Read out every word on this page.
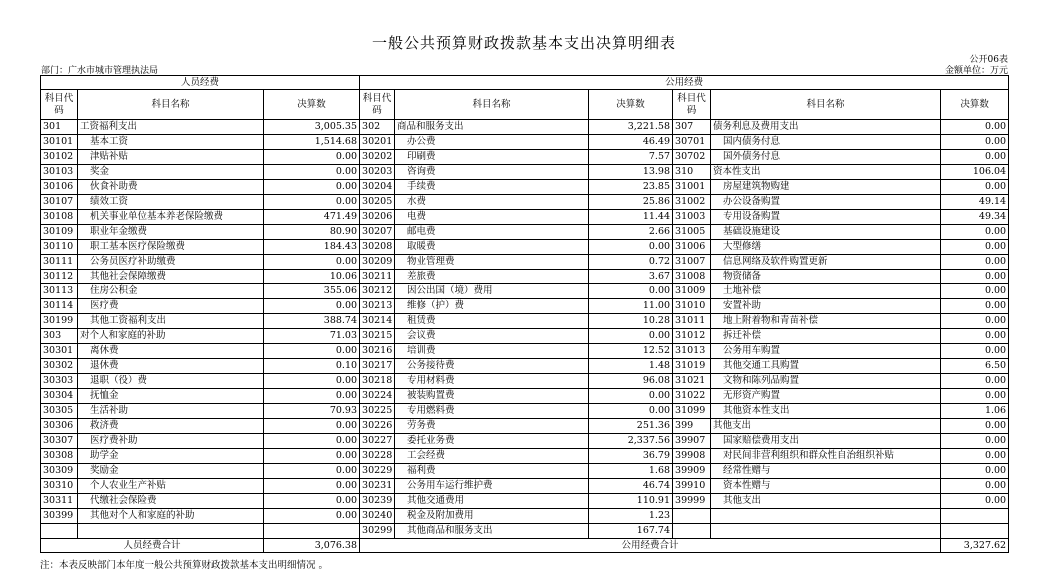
一般公共预算财政拨款基本支出决算明细表
公开06表
部门：广水市城市管理执法局	金额单位：万元
人员经费			公用经费					
科目代码	科目名称	决算数	科目代码	科目名称	决算数	科目代码	科目名称	决算数
301	工资福利支出	3,005.35	302	商品和服务支出	3,221.58	307	债务利息及费用支出	0.00
30101	基本工资	1,514.68	30201	办公费	46.49	30701	国内债务付息	0.00
30102	津贴补贴	0.00	30202	印刷费	7.57	30702	国外债务付息	0.00
30103	奖金	0.00	30203	咨询费	13.98	310	资本性支出	106.04
30106	伙食补助费	0.00	30204	手续费	23.85	31001	房屋建筑物购建	0.00
30107	绩效工资	0.00	30205	水费	25.86	31002	办公设备购置	49.14
30108	机关事业单位基本养老保险缴费	471.49	30206	电费	11.44	31003	专用设备购置	49.34
30109	职业年金缴费	80.90	30207	邮电费	2.66	31005	基础设施建设	0.00
30110	职工基本医疗保险缴费	184.43	30208	取暖费	0.00	31006	大型修缮	0.00
30111	公务员医疗补助缴费	0.00	30209	物业管理费	0.72	31007	信息网络及软件购置更新	0.00
30112	其他社会保障缴费	10.06	30211	差旅费	3.67	31008	物资储备	0.00
30113	住房公积金	355.06	30212	因公出国（境）费用	0.00	31009	土地补偿	0.00
30114	医疗费	0.00	30213	维修（护）费	11.00	31010	安置补助	0.00
30199	其他工资福利支出	388.74	30214	租赁费	10.28	31011	地上附着物和青苗补偿	0.00
303	对个人和家庭的补助	71.03	30215	会议费	0.00	31012	拆迁补偿	0.00
30301	离休费	0.00	30216	培训费	12.52	31013	公务用车购置	0.00
30302	退休费	0.10	30217	公务接待费	1.48	31019	其他交通工具购置	6.50
30303	退职（役）费	0.00	30218	专用材料费	96.08	31021	文物和陈列品购置	0.00
30304	抚恤金	0.00	30224	被装购置费	0.00	31022	无形资产购置	0.00
30305	生活补助	70.93	30225	专用燃料费	0.00	31099	其他资本性支出	1.06
30306	救济费	0.00	30226	劳务费	251.36	399	其他支出	0.00
30307	医疗费补助	0.00	30227	委托业务费	2,337.56	39907	国家赔偿费用支出	0.00
30308	助学金	0.00	30228	工会经费	36.79	39908	对民间非营利组织和群众性自治组织补贴	0.00
30309	奖励金	0.00	30229	福利费	1.68	39909	经常性赠与	0.00
30310	个人农业生产补贴	0.00	30231	公务用车运行维护费	46.74	39910	资本性赠与	0.00
30311	代缴社会保险费	0.00	30239	其他交通费用	110.91	39999	其他支出	0.00
30399	其他对个人和家庭的补助	0.00	30240	税金及附加费用	1.23			
			30299	其他商品和服务支出	167.74			
人员经费合计		3,076.38	公用经费合计					3,327.62
注：本表反映部门本年度一般公共预算财政拨款基本支出明细情况 。
